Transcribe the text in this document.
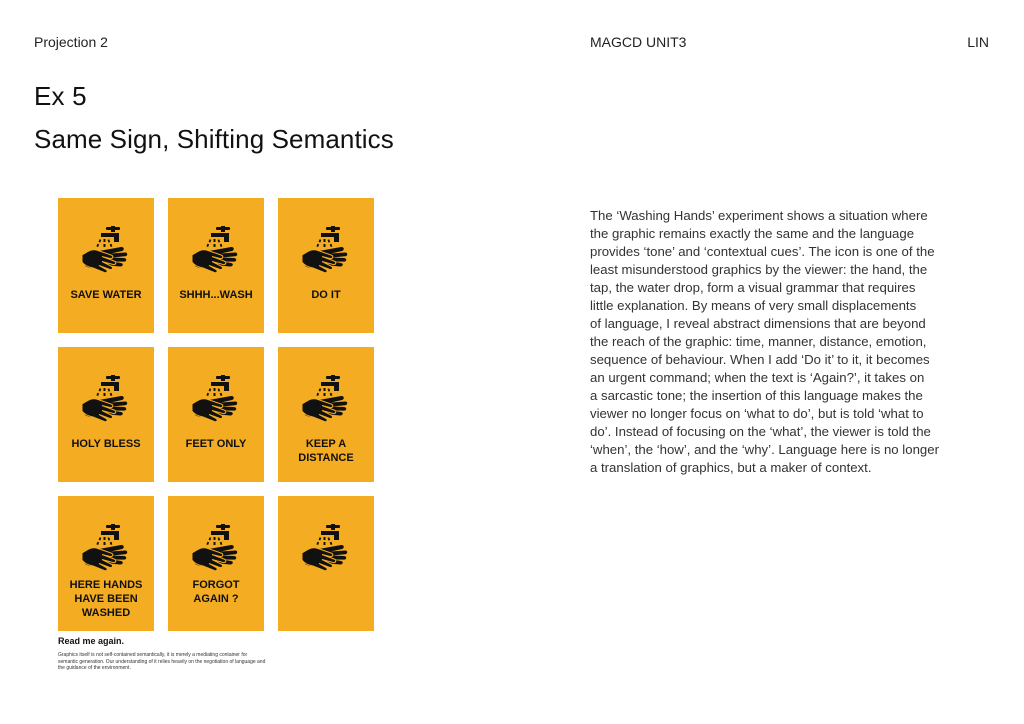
Projection 2	MAGCD UNIT3	LIN
Ex 5
Same Sign, Shifting Semantics
SAVE WATER	SHHH...WASH	DO IT
HOLY BLESS	FEET ONLY	KEEP A
DISTANCE
HERE HANDS
HAVE BEEN
WASHED
FORGOT
AGAIN ?

Read me again.

Graphics itself is not self-contained semantically, it is merely a mediating container for semantic generation. Our understanding of it relies heavily on the negotiation of language and the guidance of the environment.

The ‘Washing Hands’ experiment shows a situation where
the graphic remains exactly the same and the language
provides ‘tone’ and ‘contextual cues’. The icon is one of the
least misunderstood graphics by the viewer: the hand, the
tap, the water drop, form a visual grammar that requires
little explanation. By means of very small displacements
of language, I reveal abstract dimensions that are beyond
the reach of the graphic: time, manner, distance, emotion,
sequence of behaviour. When I add ‘Do it’ to it, it becomes
an urgent command; when the text is ‘Again?’, it takes on
a sarcastic tone; the insertion of this language makes the
viewer no longer focus on ‘what to do’, but is told ‘what to
do’. Instead of focusing on the ‘what’, the viewer is told the
‘when’, the ‘how’, and the ‘why’. Language here is no longer
a translation of graphics, but a maker of context.
